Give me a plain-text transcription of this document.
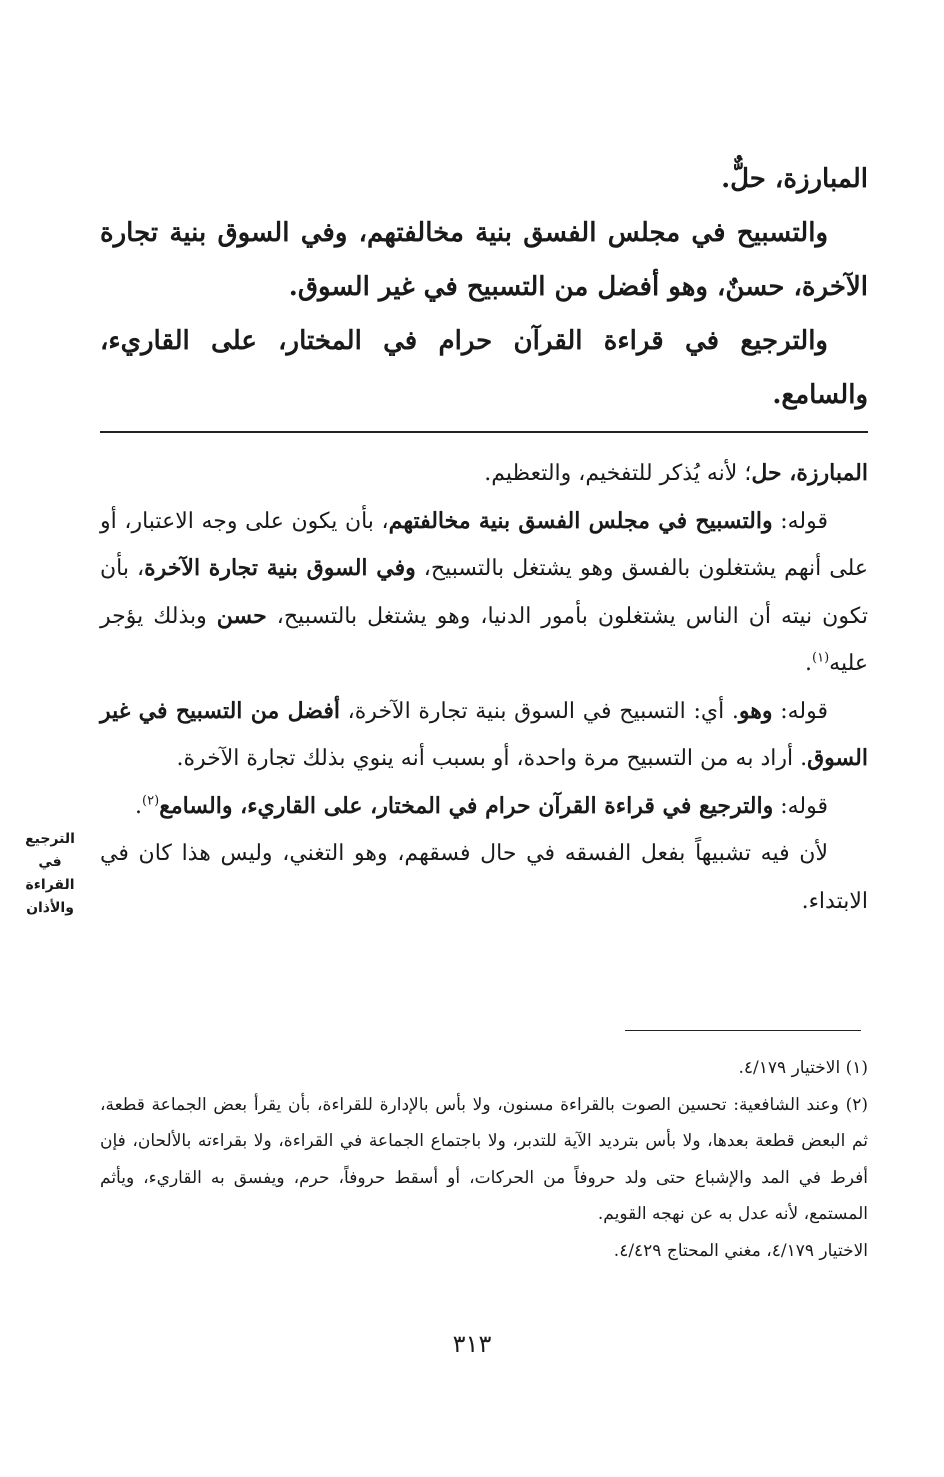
المبارزة، حلٌّ.

والتسبيح في مجلس الفسق بنية مخالفتهم، وفي السوق بنية تجارة الآخرة، حسنٌ، وهو أفضل من التسبيح في غير السوق.

والترجيع في قراءة القرآن حرام في المختار، على القاريء، والسامع.

المبارزة، حل؛ لأنه يُذكر للتفخيم، والتعظيم.

قوله: والتسبيح في مجلس الفسق بنية مخالفتهم، بأن يكون على وجه الاعتبار، أو على أنهم يشتغلون بالفسق وهو يشتغل بالتسبيح، وفي السوق بنية تجارة الآخرة، بأن تكون نيته أن الناس يشتغلون بأمور الدنيا، وهو يشتغل بالتسبيح، حسن وبذلك يؤجر عليه$^{(١)}$.

قوله: وهو. أي: التسبيح في السوق بنية تجارة الآخرة، أفضل من التسبيح في غير السوق. أراد به من التسبيح مرة واحدة، أو بسبب أنه ينوي بذلك تجارة الآخرة.

قوله: والترجيع في قراءة القرآن حرام في المختار، على القاريء، والسامع$^{(٢)}$.

لأن فيه تشبيهاً بفعل الفسقه في حال فسقهم، وهو التغني، وليس هذا كان في الابتداء.

الترجيع
في
القراءة
والأذان

(١) الاختيار ٤/١٧٩.

(٢) وعند الشافعية: تحسين الصوت بالقراءة مسنون، ولا بأس بالإدارة للقراءة، بأن يقرأ بعض الجماعة قطعة، ثم البعض قطعة بعدها، ولا بأس بترديد الآية للتدبر، ولا باجتماع الجماعة في القراءة، ولا بقراءته بالألحان، فإن أفرط في المد والإشباع حتى ولد حروفاً من الحركات، أو أسقط حروفاً، حرم، ويفسق به القاريء، ويأثم المستمع، لأنه عدل به عن نهجه القويم.

الاختيار ٤/١٧٩، مغني المحتاج ٤/٤٢٩.

٣١٣
